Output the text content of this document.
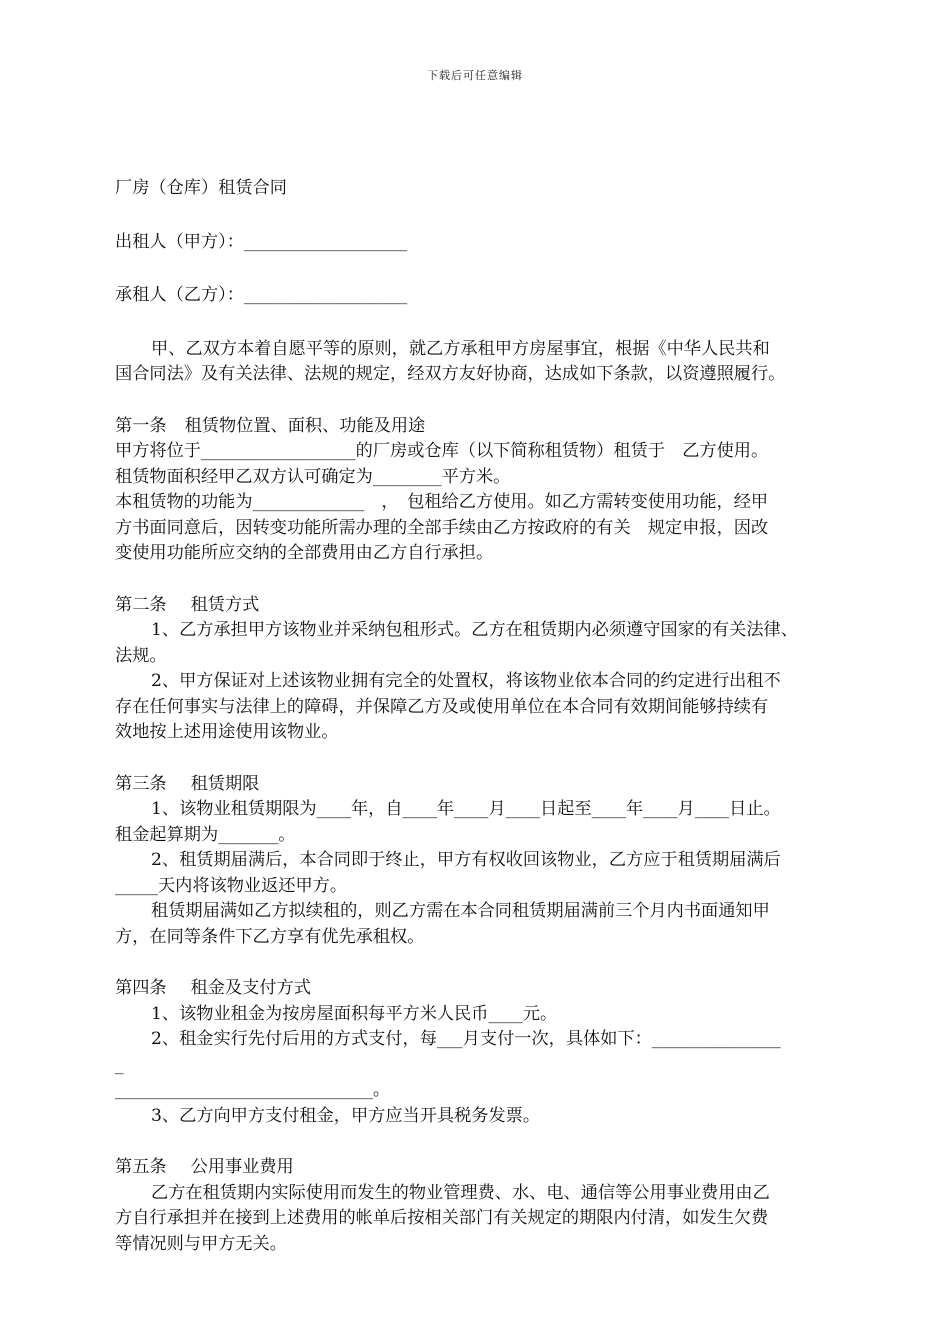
下载后可任意编辑
厂房（仓库）租赁合同
出租人（甲方）：___________________
承租人（乙方）：___________________
甲、乙双方本着自愿平等的原则，就乙方承租甲方房屋事宜，根据《中华人民共和
国合同法》及有关法律、法规的规定，经双方友好协商，达成如下条款，以资遵照履行。
第一条 租赁物位置、面积、功能及用途
甲方将位于__________________的厂房或仓库（以下简称租赁物）租赁于　乙方使用。
租赁物面积经甲乙双方认可确定为________平方米。
本租赁物的功能为_____________　，　包租给乙方使用。如乙方需转变使用功能，经甲
方书面同意后，因转变功能所需办理的全部手续由乙方按政府的有关　规定申报，因改
变使用功能所应交纳的全部费用由乙方自行承担。
第二条 租赁方式
1、乙方承担甲方该物业并采纳包租形式。乙方在租赁期内必须遵守国家的有关法律、
法规。
2、甲方保证对上述该物业拥有完全的处置权，将该物业依本合同的约定进行出租不
存在任何事实与法律上的障碍，并保障乙方及或使用单位在本合同有效期间能够持续有
效地按上述用途使用该物业。
第三条 租赁期限
1、该物业租赁期限为____年，自____年____月____日起至____年____月____日止。
租金起算期为_______。
2、租赁期届满后，本合同即于终止，甲方有权收回该物业，乙方应于租赁期届满后
_____天内将该物业返还甲方。
租赁期届满如乙方拟续租的，则乙方需在本合同租赁期届满前三个月内书面通知甲
方，在同等条件下乙方享有优先承租权。
第四条 租金及支付方式
1、该物业租金为按房屋面积每平方米人民币____元。
2、租金实行先付后用的方式支付，每___月支付一次，具体如下：_______________
_
______________________________。
3、乙方向甲方支付租金，甲方应当开具税务发票。
第五条 公用事业费用
乙方在租赁期内实际使用而发生的物业管理费、水、电、通信等公用事业费用由乙
方自行承担并在接到上述费用的帐单后按相关部门有关规定的期限内付清，如发生欠费
等情况则与甲方无关。
